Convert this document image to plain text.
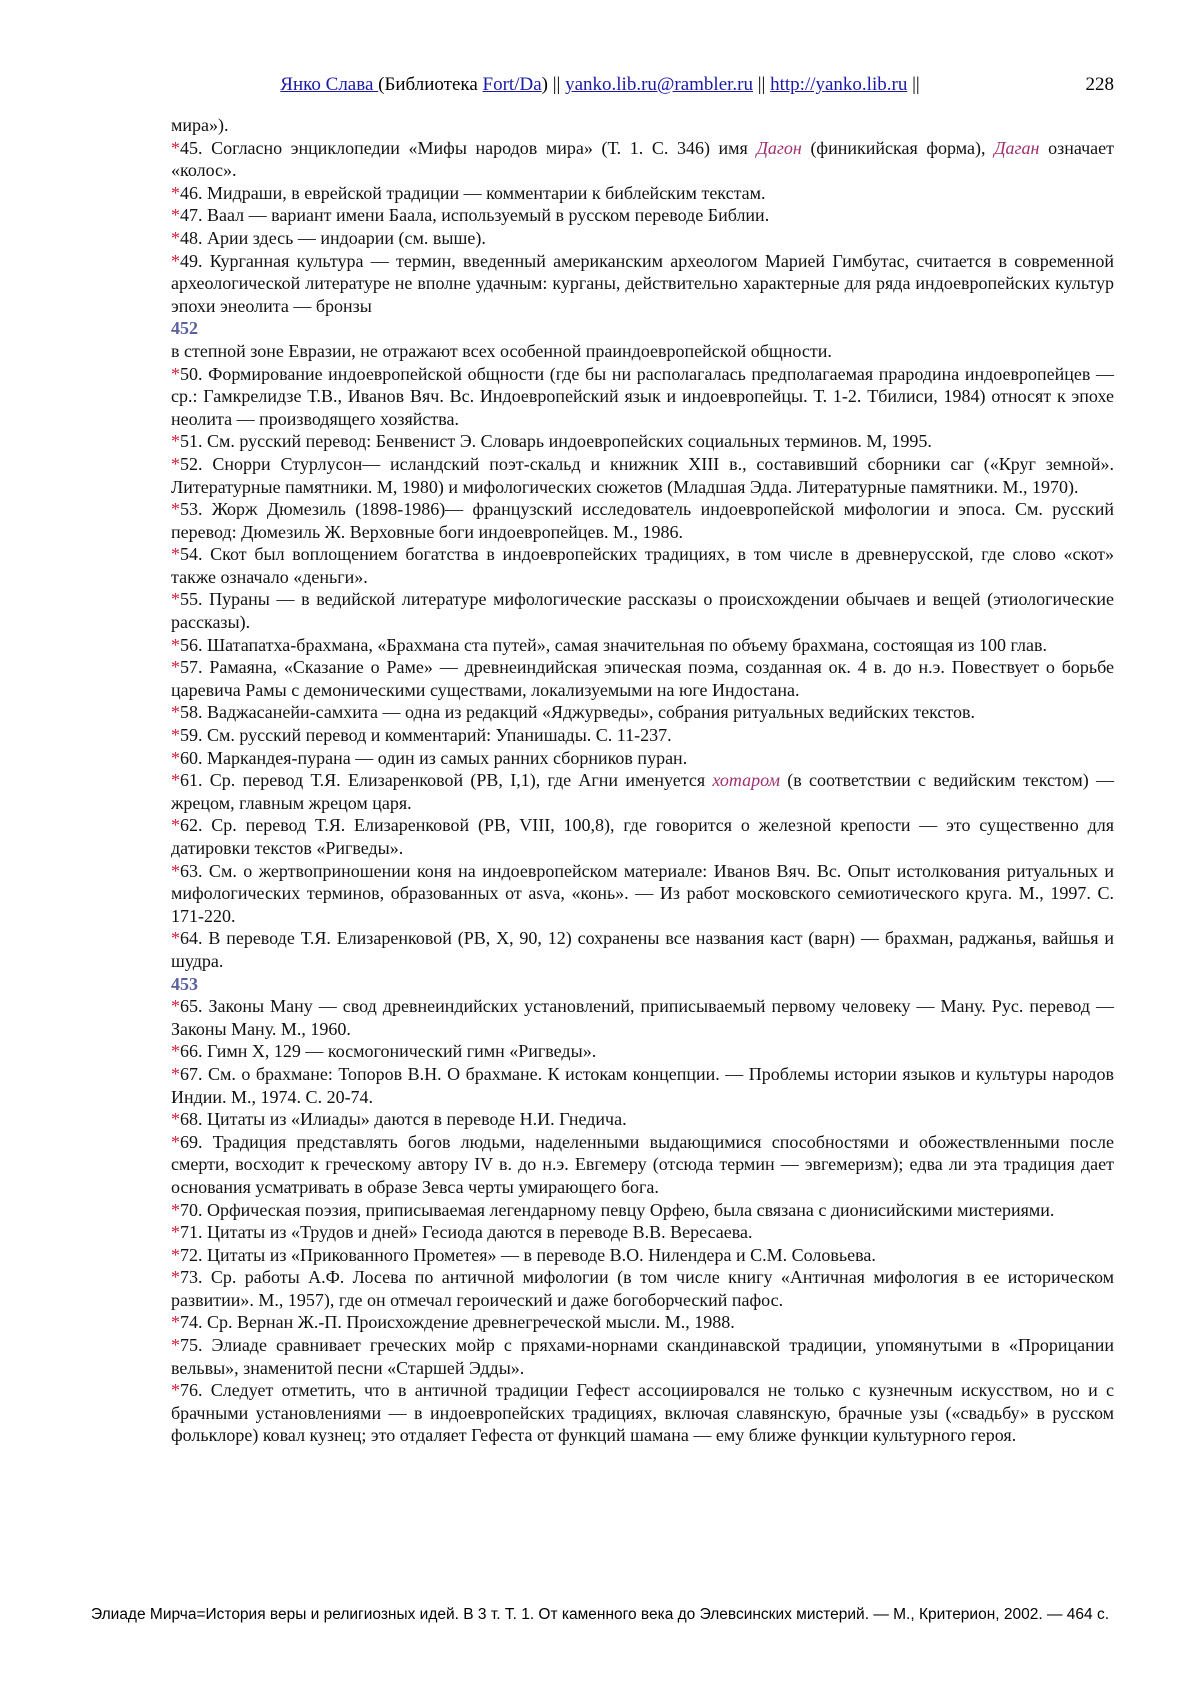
Янко Слава (Библиотека Fort/Da) || yanko.lib.ru@rambler.ru || http://yanko.lib.ru ||	228

мира»).

*45. Согласно энциклопедии «Мифы народов мира» (Т. 1. С. 346) имя Дагон (финикийская форма), Даган означает «колос».

*46. Мидраши, в еврейской традиции — комментарии к библейским текстам.

*47. Ваал — вариант имени Баала, используемый в русском переводе Библии.

*48. Арии здесь — индоарии (см. выше).

*49. Курганная культура — термин, введенный американским археологом Марией Гимбутас, считается в современной археологической литературе не вполне удачным: курганы, действительно характерные для ряда индоевропейских культур эпохи энеолита — бронзы

452

в степной зоне Евразии, не отражают всех особенной праиндоевропейской общности.

*50. Формирование индоевропейской общности (где бы ни располагалась предполагаемая прародина индоевропейцев — ср.: Гамкрелидзе Т.В., Иванов Вяч. Вс. Индоевропейский язык и индоевропейцы. Т. 1-2. Тбилиси, 1984) относят к эпохе неолита — производящего хозяйства.

*51. См. русский перевод: Бенвенист Э. Словарь индоевропейских социальных терминов. М, 1995.

*52. Снорри Стурлусон— исландский поэт-скальд и книжник XIII в., составивший сборники саг («Круг земной». Литературные памятники. М, 1980) и мифологических сюжетов (Младшая Эдда. Литературные памятники. М., 1970).

*53. Жорж Дюмезиль (1898-1986)— французский исследователь индоевропейской мифологии и эпоса. См. русский перевод: Дюмезиль Ж. Верховные боги индоевропейцев. М., 1986.

*54. Скот был воплощением богатства в индоевропейских традициях, в том числе в древнерусской, где слово «скот» также означало «деньги».

*55. Пураны — в ведийской литературе мифологические рассказы о происхождении обычаев и вещей (этиологические рассказы).

*56. Шатапатха-брахмана, «Брахмана ста путей», самая значительная по объему брахмана, состоящая из 100 глав.

*57. Рамаяна, «Сказание о Раме» — древнеиндийская эпическая поэма, созданная ок. 4 в. до н.э. Повествует о борьбе царевича Рамы с демоническими существами, локализуемыми на юге Индостана.

*58. Ваджасанейи-самхита — одна из редакций «Яджурведы», собрания ритуальных ведийских текстов.

*59. См. русский перевод и комментарий: Упанишады. С. 11-237.

*60. Маркандея-пурана — один из самых ранних сборников пуран.

*61. Ср. перевод Т.Я. Елизаренковой (РВ, I,1), где Агни именуется хотаром (в соответствии с ведийским текстом) — жрецом, главным жрецом царя.

*62. Ср. перевод Т.Я. Елизаренковой (РВ, VIII, 100,8), где говорится о железной крепости — это существенно для датировки текстов «Ригведы».

*63. См. о жертвоприношении коня на индоевропейском материале: Иванов Вяч. Вс. Опыт истолкования ритуальных и мифологических терминов, образованных от asva, «конь». — Из работ московского семиотического круга. М., 1997. С. 171-220.

*64. В переводе Т.Я. Елизаренковой (РВ, X, 90, 12) сохранены все названия каст (варн) — брахман, раджанья, вайшья и шудра.

453

*65. Законы Ману — свод древнеиндийских установлений, приписываемый первому человеку — Ману. Рус. перевод — Законы Ману. М., 1960.

*66. Гимн X, 129 — космогонический гимн «Ригведы».

*67. См. о брахмане: Топоров В.Н. О брахмане. К истокам концепции. — Проблемы истории языков и культуры народов Индии. М., 1974. С. 20-74.

*68. Цитаты из «Илиады» даются в переводе Н.И. Гнедича.

*69. Традиция представлять богов людьми, наделенными выдающимися способностями и обожествленными после смерти, восходит к греческому автору IV в. до н.э. Евгемеру (отсюда термин — эвгемеризм); едва ли эта традиция дает основания усматривать в образе Зевса черты умирающего бога.

*70. Орфическая поэзия, приписываемая легендарному певцу Орфею, была связана с дионисийскими мистериями.

*71. Цитаты из «Трудов и дней» Гесиода даются в переводе В.В. Вересаева.

*72. Цитаты из «Прикованного Прометея» — в переводе В.О. Нилендера и С.М. Соловьева.

*73. Ср. работы А.Ф. Лосева по античной мифологии (в том числе книгу «Античная мифология в ее историческом развитии». М., 1957), где он отмечал героический и даже богоборческий пафос.

*74. Ср. Вернан Ж.-П. Происхождение древнегреческой мысли. М., 1988.

*75. Элиаде сравнивает греческих мойр с пряхами-норнами скандинавской традиции, упомянутыми в «Прорицании вельвы», знаменитой песни «Старшей Эдды».

*76. Следует отметить, что в античной традиции Гефест ассоциировался не только с кузнечным искусством, но и с брачными установлениями — в индоевропейских традициях, включая славянскую, брачные узы («свадьбу» в русском фольклоре) ковал кузнец; это отдаляет Гефеста от функций шамана — ему ближе функции культурного героя.

Элиаде Мирча=История веры и религиозных идей. В 3 т. Т. 1. От каменного века до Элевсинских мистерий. — М., Критерион, 2002. — 464 с.
